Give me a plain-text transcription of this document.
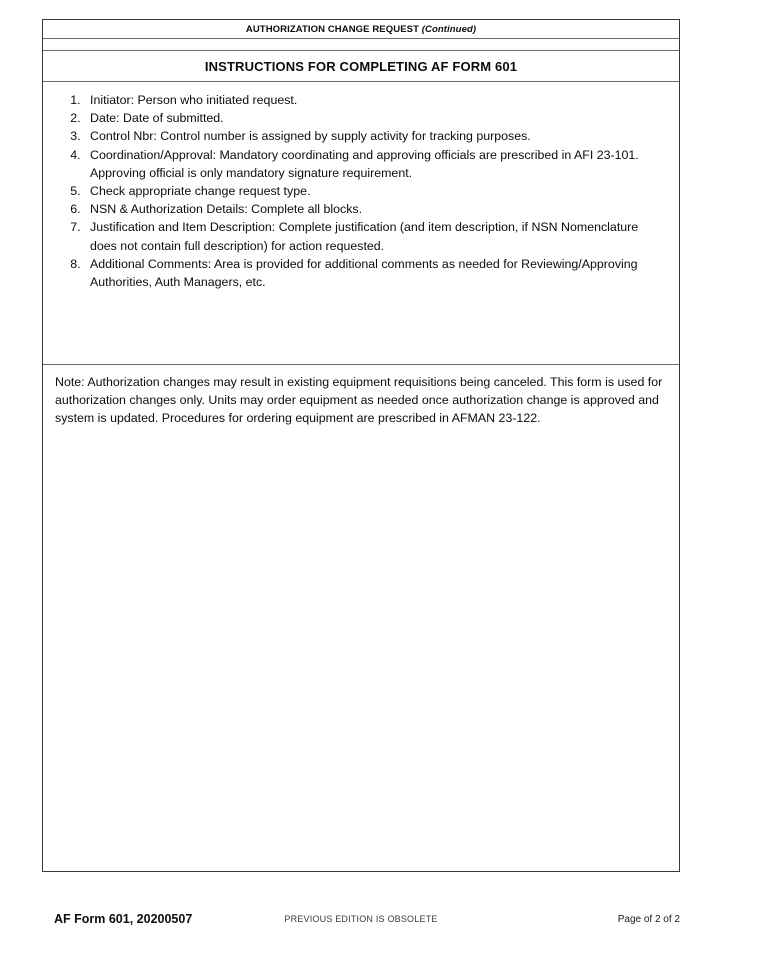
AUTHORIZATION CHANGE REQUEST (Continued)
INSTRUCTIONS FOR COMPLETING AF FORM 601
1. Initiator: Person who initiated request.
2. Date: Date of submitted.
3. Control Nbr: Control number is assigned by supply activity for tracking purposes.
4. Coordination/Approval: Mandatory coordinating and approving officials are prescribed in AFI 23-101. Approving official is only mandatory signature requirement.
5. Check appropriate change request type.
6. NSN & Authorization Details: Complete all blocks.
7. Justification and Item Description: Complete justification (and item description, if NSN Nomenclature does not contain full description) for action requested.
8. Additional Comments: Area is provided for additional comments as needed for Reviewing/Approving Authorities, Auth Managers, etc.

Note: Authorization changes may result in existing equipment requisitions being canceled. This form is used for authorization changes only. Units may order equipment as needed once authorization change is approved and system is updated. Procedures for ordering equipment are prescribed in AFMAN 23-122.

AF Form 601, 20200507	PREVIOUS EDITION IS OBSOLETE	Page of 2 of 2
